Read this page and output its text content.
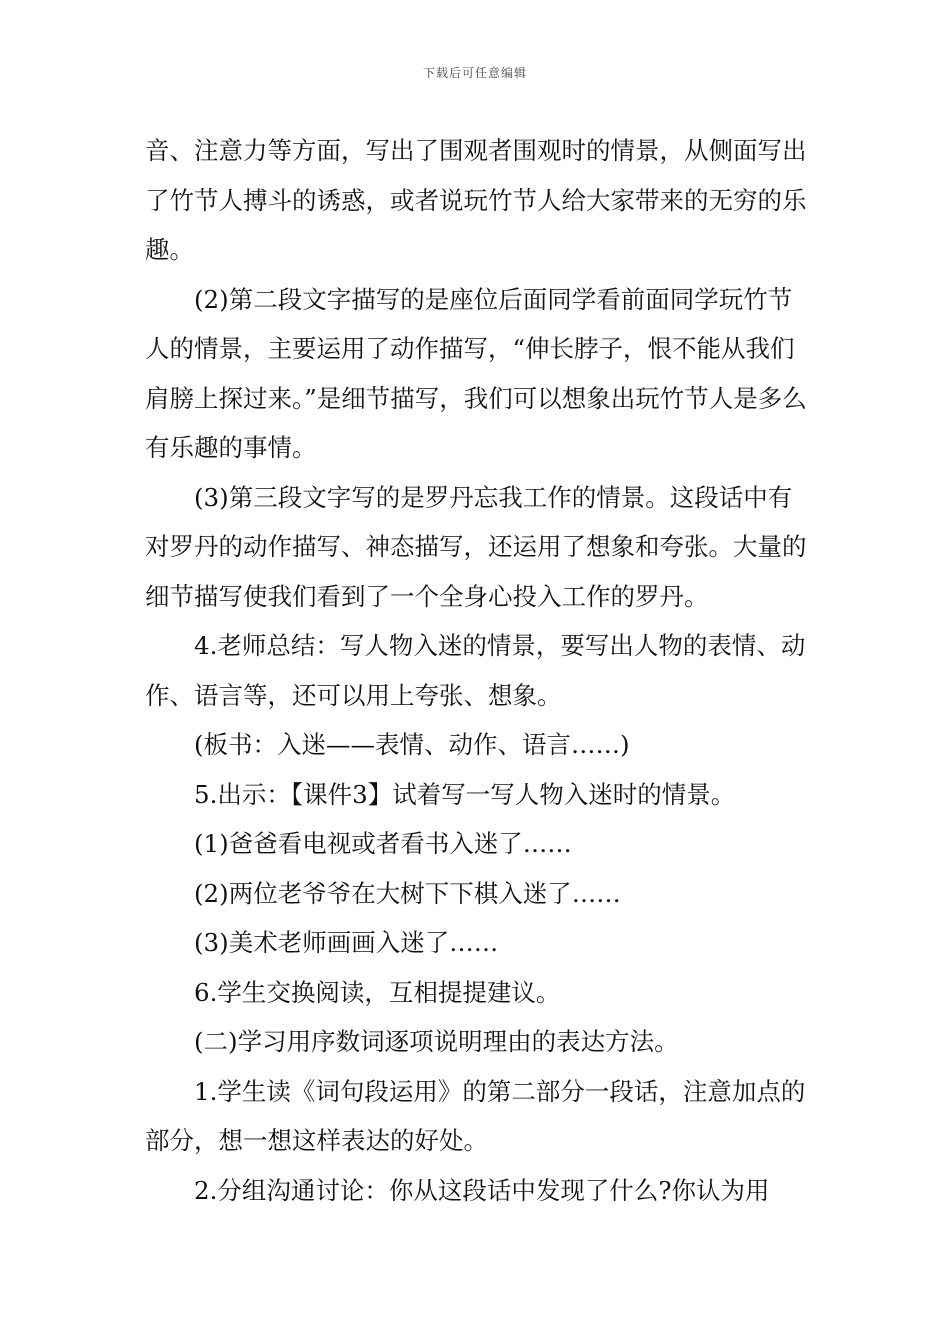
下载后可任意编辑

音、注意力等方面，写出了围观者围观时的情景，从侧面写出了竹节人搏斗的诱惑，或者说玩竹节人给大家带来的无穷的乐趣。

(2)第二段文字描写的是座位后面同学看前面同学玩竹节人的情景，主要运用了动作描写，“伸长脖子，恨不能从我们肩膀上探过来。”是细节描写，我们可以想象出玩竹节人是多么有乐趣的事情。

(3)第三段文字写的是罗丹忘我工作的情景。这段话中有对罗丹的动作描写、神态描写，还运用了想象和夸张。大量的细节描写使我们看到了一个全身心投入工作的罗丹。

4.老师总结：写人物入迷的情景，要写出人物的表情、动作、语言等，还可以用上夸张、想象。

(板书：入迷——表情、动作、语言……)

5.出示：【课件3】试着写一写人物入迷时的情景。

(1)爸爸看电视或者看书入迷了……

(2)两位老爷爷在大树下下棋入迷了……

(3)美术老师画画入迷了……

6.学生交换阅读，互相提提建议。

(二)学习用序数词逐项说明理由的表达方法。

1.学生读《词句段运用》的第二部分一段话，注意加点的部分，想一想这样表达的好处。

2.分组沟通讨论：你从这段话中发现了什么?你认为用
